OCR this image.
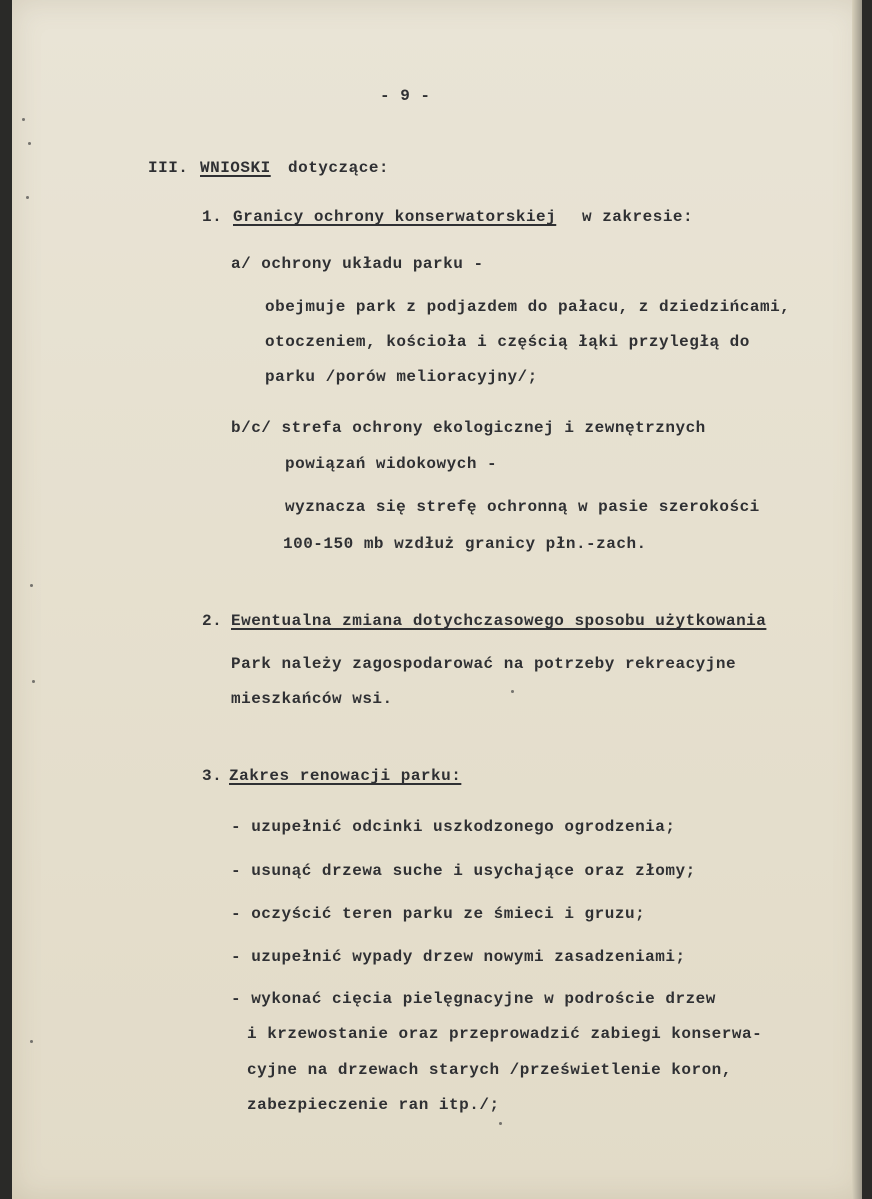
- 9 -
III. WNIOSKI dotyczące:
1. Granicy ochrony konserwatorskiej w zakresie:
a/ ochrony układu parku -
obejmuje park z podjazdem do pałacu, z dziedzińcami,
otoczeniem, kościoła i częścią łąki przyległą do
parku /porów melioracyjny/;
b/c/ strefa ochrony ekologicznej i zewnętrznych
powiązań widokowych -
wyznacza się strefę ochronną w pasie szerokości
100-150 mb wzdłuż granicy płn.-zach.
2. Ewentualna zmiana dotychczasowego sposobu użytkowania
Park należy zagospodarować na potrzeby rekreacyjne
mieszkańców wsi.
3. Zakres renowacji parku:
- uzupełnić odcinki uszkodzonego ogrodzenia;
- usunąć drzewa suche i usychające oraz złomy;
- oczyścić teren parku ze śmieci i gruzu;
- uzupełnić wypady drzew nowymi zasadzeniami;
- wykonać cięcia pielęgnacyjne w podroście drzew
i krzewostanie oraz przeprowadzić zabiegi konserwa-
cyjne na drzewach starych /prześwietlenie koron,
zabezpieczenie ran itp./;
